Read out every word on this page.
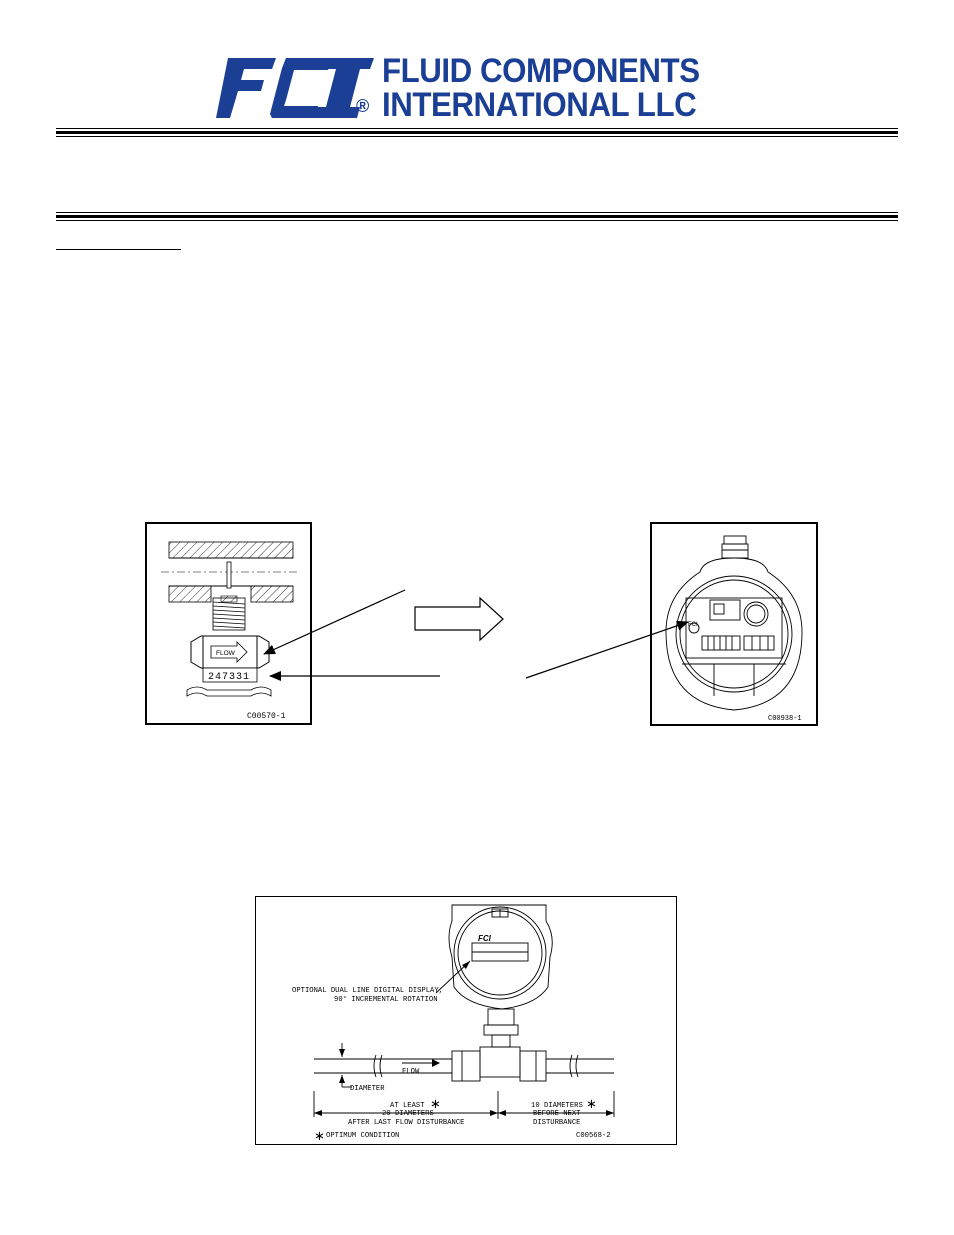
FLUID COMPONENTS
INTERNATIONAL LLC
®
FLOW
247331
C00570-1
FCI
C00938-1
OPTIONAL DUAL LINE DIGITAL DISPLAY,
90° INCREMENTAL ROTATION
FLOW
DIAMETER
AT LEAST
20 DIAMETERS
AFTER LAST FLOW DISTURBANCE
10 DIAMETERS
BEFORE NEXT
DISTURBANCE
OPTIMUM CONDITION	C00568-2
∗	∗
∗
FCI
